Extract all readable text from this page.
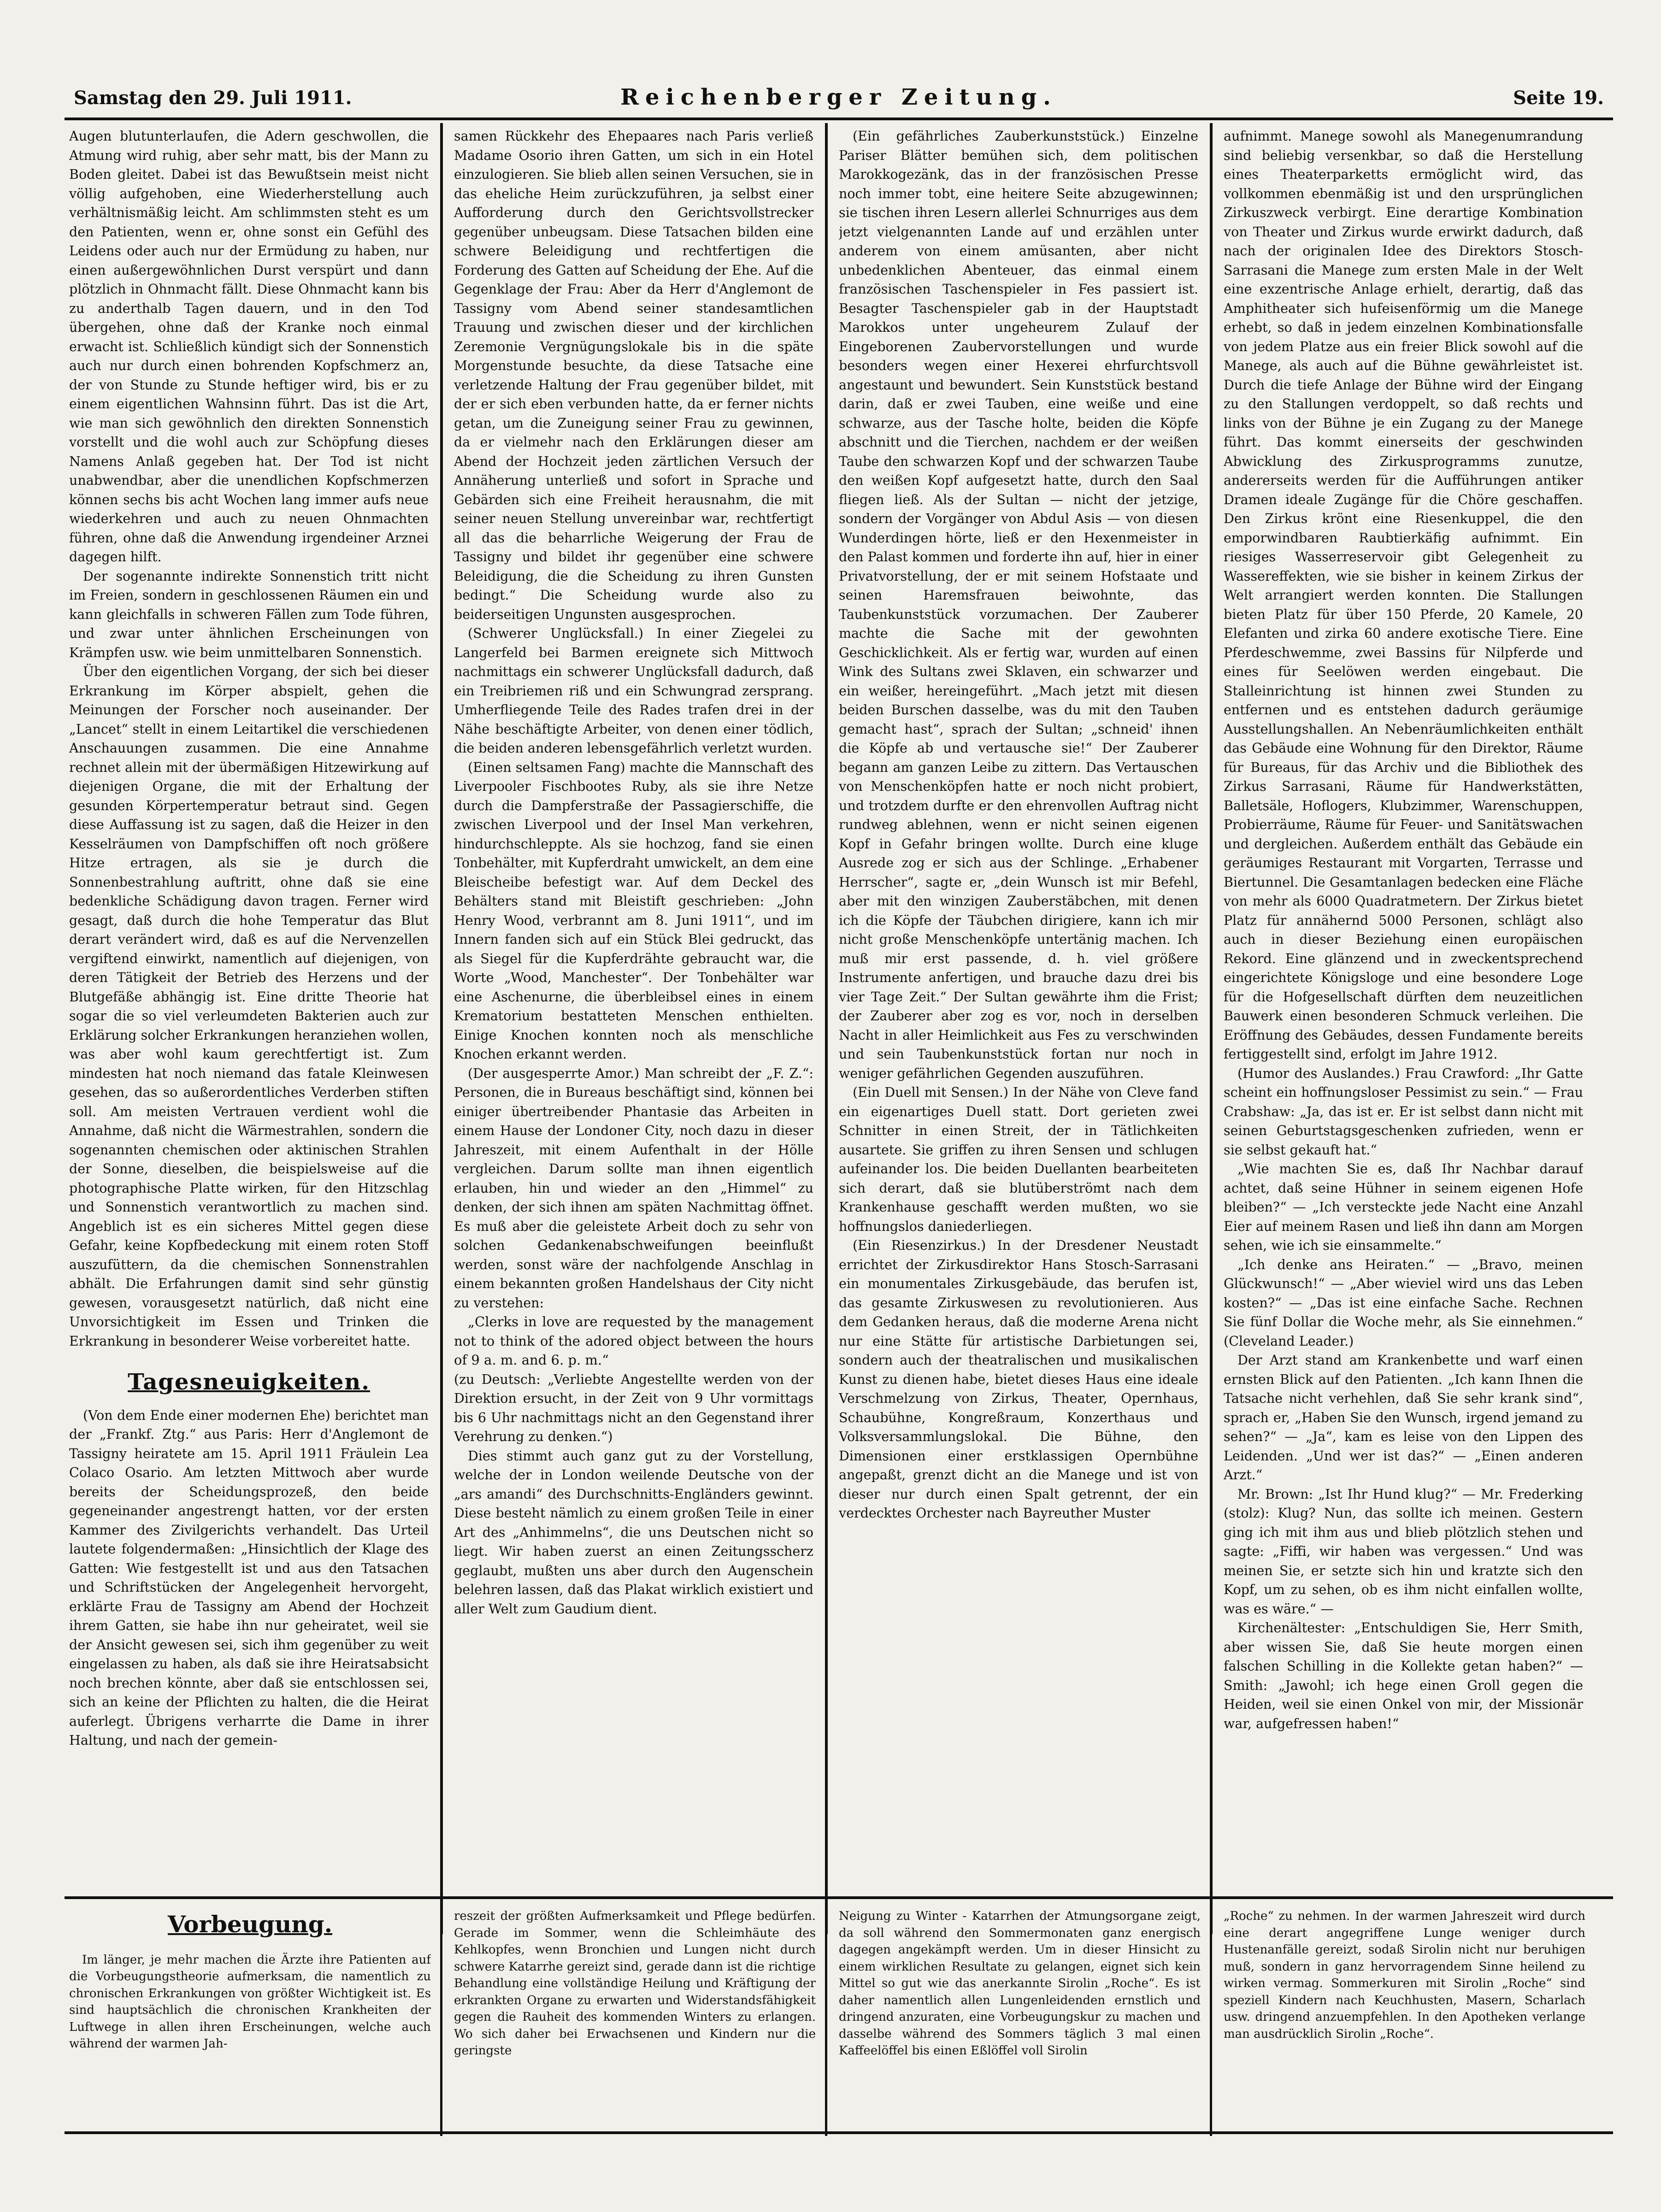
Samstag den 29. Juli 1911.	Reichenberger Zeitung.	Seite 19.

Augen blutunterlaufen, die Adern geschwollen, die Atmung wird ruhig, aber sehr matt, bis der Mann zu Boden gleitet. Dabei ist das Bewußtsein meist nicht völlig aufgehoben, eine Wiederherstellung auch verhältnismäßig leicht. Am schlimmsten steht es um den Patienten, wenn er, ohne sonst ein Gefühl des Leidens oder auch nur der Ermüdung zu haben, nur einen außergewöhnlichen Durst verspürt und dann plötzlich in Ohnmacht fällt. Diese Ohnmacht kann bis zu anderthalb Tagen dauern, und in den Tod übergehen, ohne daß der Kranke noch einmal erwacht ist. Schließlich kündigt sich der Sonnenstich auch nur durch einen bohrenden Kopfschmerz an, der von Stunde zu Stunde heftiger wird, bis er zu einem eigentlichen Wahnsinn führt. Das ist die Art, wie man sich gewöhnlich den direkten Sonnenstich vorstellt und die wohl auch zur Schöpfung dieses Namens Anlaß gegeben hat. Der Tod ist nicht unabwendbar, aber die unendlichen Kopfschmerzen können sechs bis acht Wochen lang immer aufs neue wiederkehren und auch zu neuen Ohnmachten führen, ohne daß die Anwendung irgendeiner Arznei dagegen hilft.

Der sogenannte indirekte Sonnenstich tritt nicht im Freien, sondern in geschlossenen Räumen ein und kann gleichfalls in schweren Fällen zum Tode führen, und zwar unter ähnlichen Erscheinungen von Krämpfen usw. wie beim unmittelbaren Sonnenstich.

Über den eigentlichen Vorgang, der sich bei dieser Erkrankung im Körper abspielt, gehen die Meinungen der Forscher noch auseinander. Der „Lancet“ stellt in einem Leitartikel die verschiedenen Anschauungen zusammen. Die eine Annahme rechnet allein mit der übermäßigen Hitzewirkung auf diejenigen Organe, die mit der Erhaltung der gesunden Körpertemperatur betraut sind. Gegen diese Auffassung ist zu sagen, daß die Heizer in den Kesselräumen von Dampfschiffen oft noch größere Hitze ertragen, als sie je durch die Sonnenbestrahlung auftritt, ohne daß sie eine bedenkliche Schädigung davon tragen. Ferner wird gesagt, daß durch die hohe Temperatur das Blut derart verändert wird, daß es auf die Nervenzellen vergiftend einwirkt, namentlich auf diejenigen, von deren Tätigkeit der Betrieb des Herzens und der Blutgefäße abhängig ist. Eine dritte Theorie hat sogar die so viel verleumdeten Bakterien auch zur Erklärung solcher Erkrankungen heranziehen wollen, was aber wohl kaum gerechtfertigt ist. Zum mindesten hat noch niemand das fatale Kleinwesen gesehen, das so außerordentliches Verderben stiften soll. Am meisten Vertrauen verdient wohl die Annahme, daß nicht die Wärmestrahlen, sondern die sogenannten chemischen oder aktinischen Strahlen der Sonne, dieselben, die beispielsweise auf die photographische Platte wirken, für den Hitzschlag und Sonnenstich verantwortlich zu machen sind. Angeblich ist es ein sicheres Mittel gegen diese Gefahr, keine Kopfbedeckung mit einem roten Stoff auszufüttern, da die chemischen Sonnenstrahlen abhält. Die Erfahrungen damit sind sehr günstig gewesen, vorausgesetzt natürlich, daß nicht eine Unvorsichtigkeit im Essen und Trinken die Erkrankung in besonderer Weise vorbereitet hatte.

Tagesneuigkeiten.

(Von dem Ende einer modernen Ehe) berichtet man der „Frankf. Ztg.“ aus Paris: Herr d'Anglemont de Tassigny heiratete am 15. April 1911 Fräulein Lea Colaco Osario. Am letzten Mittwoch aber wurde bereits der Scheidungsprozeß, den beide gegeneinander angestrengt hatten, vor der ersten Kammer des Zivilgerichts verhandelt. Das Urteil lautete folgendermaßen: „Hinsichtlich der Klage des Gatten: Wie festgestellt ist und aus den Tatsachen und Schriftstücken der Angelegenheit hervorgeht, erklärte Frau de Tassigny am Abend der Hochzeit ihrem Gatten, sie habe ihn nur geheiratet, weil sie der Ansicht gewesen sei, sich ihm gegenüber zu weit eingelassen zu haben, als daß sie ihre Heiratsabsicht noch brechen könnte, aber daß sie entschlossen sei, sich an keine der Pflichten zu halten, die die Heirat auferlegt. Übrigens verharrte die Dame in ihrer Haltung, und nach der gemein-

samen Rückkehr des Ehepaares nach Paris verließ Madame Osorio ihren Gatten, um sich in ein Hotel einzulogieren. Sie blieb allen seinen Versuchen, sie in das eheliche Heim zurückzuführen, ja selbst einer Aufforderung durch den Gerichtsvollstrecker gegenüber unbeugsam. Diese Tatsachen bilden eine schwere Beleidigung und rechtfertigen die Forderung des Gatten auf Scheidung der Ehe. Auf die Gegenklage der Frau: Aber da Herr d'Anglemont de Tassigny vom Abend seiner standesamtlichen Trauung und zwischen dieser und der kirchlichen Zeremonie Vergnügungslokale bis in die späte Morgenstunde besuchte, da diese Tatsache eine verletzende Haltung der Frau gegenüber bildet, mit der er sich eben verbunden hatte, da er ferner nichts getan, um die Zuneigung seiner Frau zu gewinnen, da er vielmehr nach den Erklärungen dieser am Abend der Hochzeit jeden zärtlichen Versuch der Annäherung unterließ und sofort in Sprache und Gebärden sich eine Freiheit herausnahm, die mit seiner neuen Stellung unvereinbar war, rechtfertigt all das die beharrliche Weigerung der Frau de Tassigny und bildet ihr gegenüber eine schwere Beleidigung, die die Scheidung zu ihren Gunsten bedingt.“ Die Scheidung wurde also zu beiderseitigen Ungunsten ausgesprochen.

(Schwerer Unglücksfall.) In einer Ziegelei zu Langerfeld bei Barmen ereignete sich Mittwoch nachmittags ein schwerer Unglücksfall dadurch, daß ein Treibriemen riß und ein Schwungrad zersprang. Umherfliegende Teile des Rades trafen drei in der Nähe beschäftigte Arbeiter, von denen einer tödlich, die beiden anderen lebensgefährlich verletzt wurden.

(Einen seltsamen Fang) machte die Mannschaft des Liverpooler Fischbootes Ruby, als sie ihre Netze durch die Dampferstraße der Passagierschiffe, die zwischen Liverpool und der Insel Man verkehren, hindurchschleppte. Als sie hochzog, fand sie einen Tonbehälter, mit Kupferdraht umwickelt, an dem eine Bleischeibe befestigt war. Auf dem Deckel des Behälters stand mit Bleistift geschrieben: „John Henry Wood, verbrannt am 8. Juni 1911“, und im Innern fanden sich auf ein Stück Blei gedruckt, das als Siegel für die Kupferdrähte gebraucht war, die Worte „Wood, Manchester“. Der Tonbehälter war eine Aschenurne, die überbleibsel eines in einem Krematorium bestatteten Menschen enthielten. Einige Knochen konnten noch als menschliche Knochen erkannt werden.

(Der ausgesperrte Amor.) Man schreibt der „F. Z.“: Personen, die in Bureaus beschäftigt sind, können bei einiger übertreibender Phantasie das Arbeiten in einem Hause der Londoner City, noch dazu in dieser Jahreszeit, mit einem Aufenthalt in der Hölle vergleichen. Darum sollte man ihnen eigentlich erlauben, hin und wieder an den „Himmel“ zu denken, der sich ihnen am späten Nachmittag öffnet. Es muß aber die geleistete Arbeit doch zu sehr von solchen Gedankenabschweifungen beeinflußt werden, sonst wäre der nachfolgende Anschlag in einem bekannten großen Handelshaus der City nicht zu verstehen:

„Clerks in love are requested by the management not to think of the adored object between the hours of 9 a. m. and 6. p. m.“

(zu Deutsch: „Verliebte Angestellte werden von der Direktion ersucht, in der Zeit von 9 Uhr vormittags bis 6 Uhr nachmittags nicht an den Gegenstand ihrer Verehrung zu denken.“)

Dies stimmt auch ganz gut zu der Vorstellung, welche der in London weilende Deutsche von der „ars amandi“ des Durchschnitts-Engländers gewinnt. Diese besteht nämlich zu einem großen Teile in einer Art des „Anhimmelns“, die uns Deutschen nicht so liegt. Wir haben zuerst an einen Zeitungsscherz geglaubt, mußten uns aber durch den Augenschein belehren lassen, daß das Plakat wirklich existiert und aller Welt zum Gaudium dient.

(Ein gefährliches Zauberkunststück.) Einzelne Pariser Blätter bemühen sich, dem politischen Marokkogezänk, das in der französischen Presse noch immer tobt, eine heitere Seite abzugewinnen; sie tischen ihren Lesern allerlei Schnurriges aus dem jetzt vielgenannten Lande auf und erzählen unter anderem von einem amüsanten, aber nicht unbedenklichen Abenteuer, das einmal einem französischen Taschenspieler in Fes passiert ist. Besagter Taschenspieler gab in der Hauptstadt Marokkos unter ungeheurem Zulauf der Eingeborenen Zaubervorstellungen und wurde besonders wegen einer Hexerei ehrfurchtsvoll angestaunt und bewundert. Sein Kunststück bestand darin, daß er zwei Tauben, eine weiße und eine schwarze, aus der Tasche holte, beiden die Köpfe abschnitt und die Tierchen, nachdem er der weißen Taube den schwarzen Kopf und der schwarzen Taube den weißen Kopf aufgesetzt hatte, durch den Saal fliegen ließ. Als der Sultan — nicht der jetzige, sondern der Vorgänger von Abdul Asis — von diesen Wunderdingen hörte, ließ er den Hexenmeister in den Palast kommen und forderte ihn auf, hier in einer Privatvorstellung, der er mit seinem Hofstaate und seinen Haremsfrauen beiwohnte, das Taubenkunststück vorzumachen. Der Zauberer machte die Sache mit der gewohnten Geschicklichkeit. Als er fertig war, wurden auf einen Wink des Sultans zwei Sklaven, ein schwarzer und ein weißer, hereingeführt. „Mach jetzt mit diesen beiden Burschen dasselbe, was du mit den Tauben gemacht hast“, sprach der Sultan; „schneid' ihnen die Köpfe ab und vertausche sie!“ Der Zauberer begann am ganzen Leibe zu zittern. Das Vertauschen von Menschenköpfen hatte er noch nicht probiert, und trotzdem durfte er den ehrenvollen Auftrag nicht rundweg ablehnen, wenn er nicht seinen eigenen Kopf in Gefahr bringen wollte. Durch eine kluge Ausrede zog er sich aus der Schlinge. „Erhabener Herrscher“, sagte er, „dein Wunsch ist mir Befehl, aber mit den winzigen Zauberstäbchen, mit denen ich die Köpfe der Täubchen dirigiere, kann ich mir nicht große Menschenköpfe untertänig machen. Ich muß mir erst passende, d. h. viel größere Instrumente anfertigen, und brauche dazu drei bis vier Tage Zeit.“ Der Sultan gewährte ihm die Frist; der Zauberer aber zog es vor, noch in derselben Nacht in aller Heimlichkeit aus Fes zu verschwinden und sein Taubenkunststück fortan nur noch in weniger gefährlichen Gegenden auszuführen.

(Ein Duell mit Sensen.) In der Nähe von Cleve fand ein eigenartiges Duell statt. Dort gerieten zwei Schnitter in einen Streit, der in Tätlichkeiten ausartete. Sie griffen zu ihren Sensen und schlugen aufeinander los. Die beiden Duellanten bearbeiteten sich derart, daß sie blutüberströmt nach dem Krankenhause geschafft werden mußten, wo sie hoffnungslos daniederliegen.

(Ein Riesenzirkus.) In der Dresdener Neustadt errichtet der Zirkusdirektor Hans Stosch-Sarrasani ein monumentales Zirkusgebäude, das berufen ist, das gesamte Zirkuswesen zu revolutionieren. Aus dem Gedanken heraus, daß die moderne Arena nicht nur eine Stätte für artistische Darbietungen sei, sondern auch der theatralischen und musikalischen Kunst zu dienen habe, bietet dieses Haus eine ideale Verschmelzung von Zirkus, Theater, Opernhaus, Schaubühne, Kongreßraum, Konzerthaus und Volksversammlungslokal. Die Bühne, den Dimensionen einer erstklassigen Opernbühne angepaßt, grenzt dicht an die Manege und ist von dieser nur durch einen Spalt getrennt, der ein verdecktes Orchester nach Bayreuther Muster

aufnimmt. Manege sowohl als Manegenumrandung sind beliebig versenkbar, so daß die Herstellung eines Theaterparketts ermöglicht wird, das vollkommen ebenmäßig ist und den ursprünglichen Zirkuszweck verbirgt. Eine derartige Kombination von Theater und Zirkus wurde erwirkt dadurch, daß nach der originalen Idee des Direktors Stosch-Sarrasani die Manege zum ersten Male in der Welt eine exzentrische Anlage erhielt, derartig, daß das Amphitheater sich hufeisenförmig um die Manege erhebt, so daß in jedem einzelnen Kombinationsfalle von jedem Platze aus ein freier Blick sowohl auf die Manege, als auch auf die Bühne gewährleistet ist. Durch die tiefe Anlage der Bühne wird der Eingang zu den Stallungen verdoppelt, so daß rechts und links von der Bühne je ein Zugang zu der Manege führt. Das kommt einerseits der geschwinden Abwicklung des Zirkusprogramms zunutze, andererseits werden für die Aufführungen antiker Dramen ideale Zugänge für die Chöre geschaffen. Den Zirkus krönt eine Riesenkuppel, die den emporwindbaren Raubtierkäfig aufnimmt. Ein riesiges Wasserreservoir gibt Gelegenheit zu Wassereffekten, wie sie bisher in keinem Zirkus der Welt arrangiert werden konnten. Die Stallungen bieten Platz für über 150 Pferde, 20 Kamele, 20 Elefanten und zirka 60 andere exotische Tiere. Eine Pferdeschwemme, zwei Bassins für Nilpferde und eines für Seelöwen werden eingebaut. Die Stalleinrichtung ist hinnen zwei Stunden zu entfernen und es entstehen dadurch geräumige Ausstellungshallen. An Nebenräumlichkeiten enthält das Gebäude eine Wohnung für den Direktor, Räume für Bureaus, für das Archiv und die Bibliothek des Zirkus Sarrasani, Räume für Handwerkstätten, Balletsäle, Hoflogers, Klubzimmer, Warenschuppen, Probierräume, Räume für Feuer- und Sanitätswachen und dergleichen. Außerdem enthält das Gebäude ein geräumiges Restaurant mit Vorgarten, Terrasse und Biertunnel. Die Gesamtanlagen bedecken eine Fläche von mehr als 6000 Quadratmetern. Der Zirkus bietet Platz für annähernd 5000 Personen, schlägt also auch in dieser Beziehung einen europäischen Rekord. Eine glänzend und in zweckentsprechend eingerichtete Königsloge und eine besondere Loge für die Hofgesellschaft dürften dem neuzeitlichen Bauwerk einen besonderen Schmuck verleihen. Die Eröffnung des Gebäudes, dessen Fundamente bereits fertiggestellt sind, erfolgt im Jahre 1912.

(Humor des Auslandes.) Frau Crawford: „Ihr Gatte scheint ein hoffnungsloser Pessimist zu sein.“ — Frau Crabshaw: „Ja, das ist er. Er ist selbst dann nicht mit seinen Geburtstagsgeschenken zufrieden, wenn er sie selbst gekauft hat.“

„Wie machten Sie es, daß Ihr Nachbar darauf achtet, daß seine Hühner in seinem eigenen Hofe bleiben?“ — „Ich versteckte jede Nacht eine Anzahl Eier auf meinem Rasen und ließ ihn dann am Morgen sehen, wie ich sie einsammelte.“

„Ich denke ans Heiraten.“ — „Bravo, meinen Glückwunsch!“ — „Aber wieviel wird uns das Leben kosten?“ — „Das ist eine einfache Sache. Rechnen Sie fünf Dollar die Woche mehr, als Sie einnehmen.“ (Cleveland Leader.)

Der Arzt stand am Krankenbette und warf einen ernsten Blick auf den Patienten. „Ich kann Ihnen die Tatsache nicht verhehlen, daß Sie sehr krank sind“, sprach er, „Haben Sie den Wunsch, irgend jemand zu sehen?“ — „Ja“, kam es leise von den Lippen des Leidenden. „Und wer ist das?“ — „Einen anderen Arzt.“

Mr. Brown: „Ist Ihr Hund klug?“ — Mr. Frederking (stolz): Klug? Nun, das sollte ich meinen. Gestern ging ich mit ihm aus und blieb plötzlich stehen und sagte: „Fiffi, wir haben was vergessen.“ Und was meinen Sie, er setzte sich hin und kratzte sich den Kopf, um zu sehen, ob es ihm nicht einfallen wollte, was es wäre.“ —

Kirchenältester: „Entschuldigen Sie, Herr Smith, aber wissen Sie, daß Sie heute morgen einen falschen Schilling in die Kollekte getan haben?“ — Smith: „Jawohl; ich hege einen Groll gegen die Heiden, weil sie einen Onkel von mir, der Missionär war, aufgefressen haben!“

Vorbeugung.

Im länger, je mehr machen die Ärzte ihre Patienten auf die Vorbeugungstheorie aufmerksam, die namentlich zu chronischen Erkrankungen von größter Wichtigkeit ist. Es sind hauptsächlich die chronischen Krankheiten der Luftwege in allen ihren Erscheinungen, welche auch während der warmen Jah-

reszeit der größten Aufmerksamkeit und Pflege bedürfen. Gerade im Sommer, wenn die Schleimhäute des Kehlkopfes, wenn Bronchien und Lungen nicht durch schwere Katarrhe gereizt sind, gerade dann ist die richtige Behandlung eine vollständige Heilung und Kräftigung der erkrankten Organe zu erwarten und Widerstandsfähigkeit gegen die Rauheit des kommenden Winters zu erlangen. Wo sich daher bei Erwachsenen und Kindern nur die geringste

Neigung zu Winter - Katarrhen der Atmungsorgane zeigt, da soll während den Sommermonaten ganz energisch dagegen angekämpft werden. Um in dieser Hinsicht zu einem wirklichen Resultate zu gelangen, eignet sich kein Mittel so gut wie das anerkannte Sirolin „Roche“. Es ist daher namentlich allen Lungenleidenden ernstlich und dringend anzuraten, eine Vorbeugungskur zu machen und dasselbe während des Sommers täglich 3 mal einen Kaffeelöffel bis einen Eßlöffel voll Sirolin

„Roche“ zu nehmen. In der warmen Jahreszeit wird durch eine derart angegriffene Lunge weniger durch Hustenanfälle gereizt, sodaß Sirolin nicht nur beruhigen muß, sondern in ganz hervorragendem Sinne heilend zu wirken vermag. Sommerkuren mit Sirolin „Roche“ sind speziell Kindern nach Keuchhusten, Masern, Scharlach usw. dringend anzuempfehlen. In den Apotheken verlange man ausdrücklich Sirolin „Roche“.
